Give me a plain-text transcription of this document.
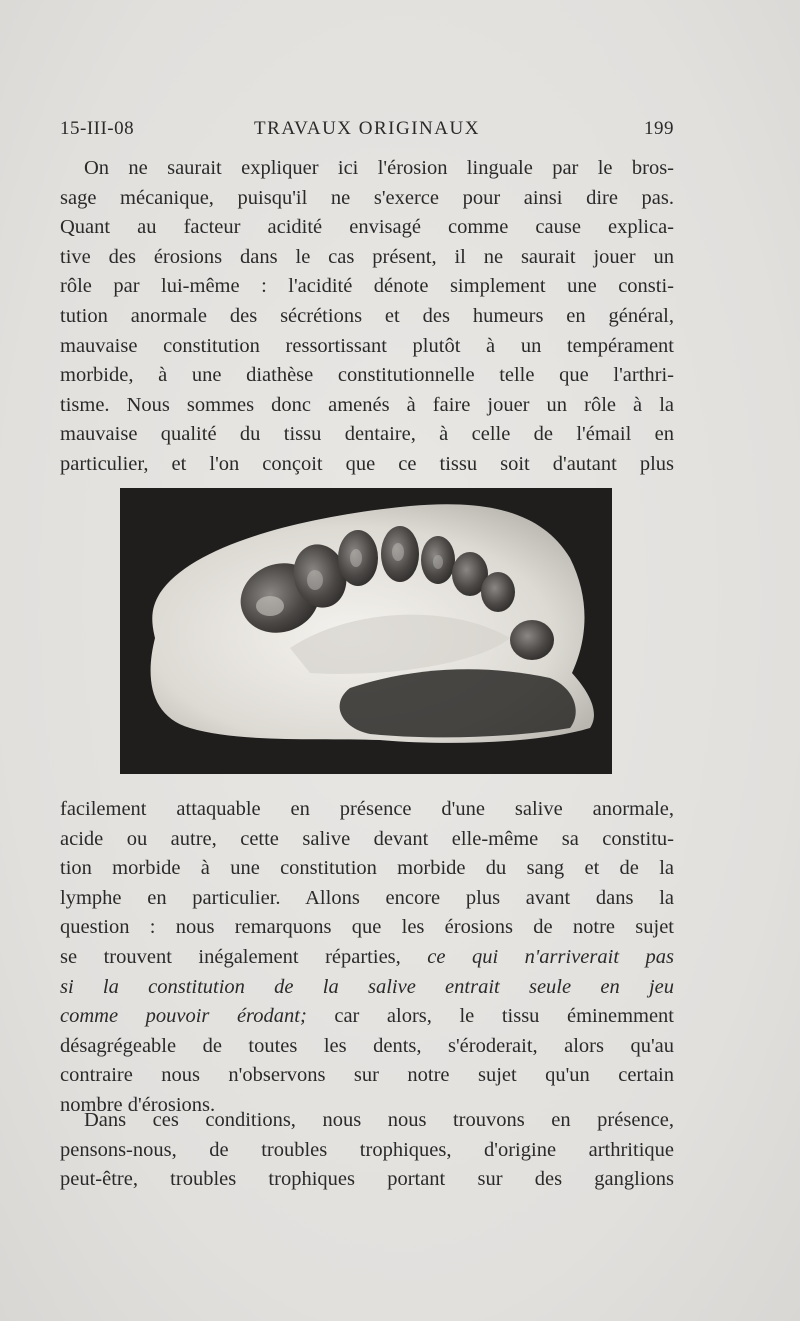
15-III-08	TRAVAUX ORIGINAUX	199

On ne saurait expliquer ici l'érosion linguale par le bros-

sage mécanique, puisqu'il ne s'exerce pour ainsi dire pas.

Quant au facteur acidité envisagé comme cause explica-

tive des érosions dans le cas présent, il ne saurait jouer un

rôle par lui-même : l'acidité dénote simplement une consti-

tution anormale des sécrétions et des humeurs en général,

mauvaise constitution ressortissant plutôt à un tempérament

morbide, à une diathèse constitutionnelle telle que l'arthri-

tisme. Nous sommes donc amenés à faire jouer un rôle à la

mauvaise qualité du tissu dentaire, à celle de l'émail en

particulier, et l'on conçoit que ce tissu soit d'autant plus

facilement attaquable en présence d'une salive anormale,

acide ou autre, cette salive devant elle-même sa constitu-

tion morbide à une constitution morbide du sang et de la

lymphe en particulier. Allons encore plus avant dans la

question : nous remarquons que les érosions de notre sujet

se trouvent inégalement réparties, ce qui n'arriverait pas

si la constitution de la salive entrait seule en jeu

comme pouvoir érodant; car alors, le tissu éminemment

désagrégeable de toutes les dents, s'éroderait, alors qu'au

contraire nous n'observons sur notre sujet qu'un certain

nombre d'érosions.

Dans ces conditions, nous nous trouvons en présence,

pensons-nous, de troubles trophiques, d'origine arthritique

peut-être, troubles trophiques portant sur des ganglions
